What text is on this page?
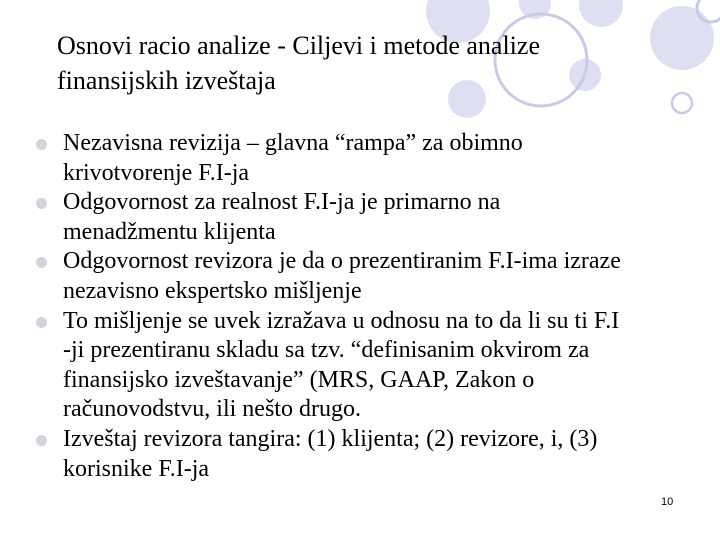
Osnovi racio analize - Ciljevi i metode analize
finansijskih izveštaja
Nezavisna revizija – glavna “rampa” za obimno
krivotvorenje F.I-ja
Odgovornost za realnost F.I-ja je primarno na
menadžmentu klijenta
Odgovornost revizora je da o prezentiranim F.I-ima izraze
nezavisno ekspertsko mišljenje
To mišljenje se uvek izražava u odnosu na to da li su ti F.I
-ji prezentiranu skladu sa tzv. “definisanim okvirom za
finansijsko izveštavanje” (MRS, GAAP, Zakon o
računovodstvu, ili nešto drugo.
Izveštaj revizora tangira: (1) klijenta; (2) revizore, i, (3)
korisnike F.I-ja
10
